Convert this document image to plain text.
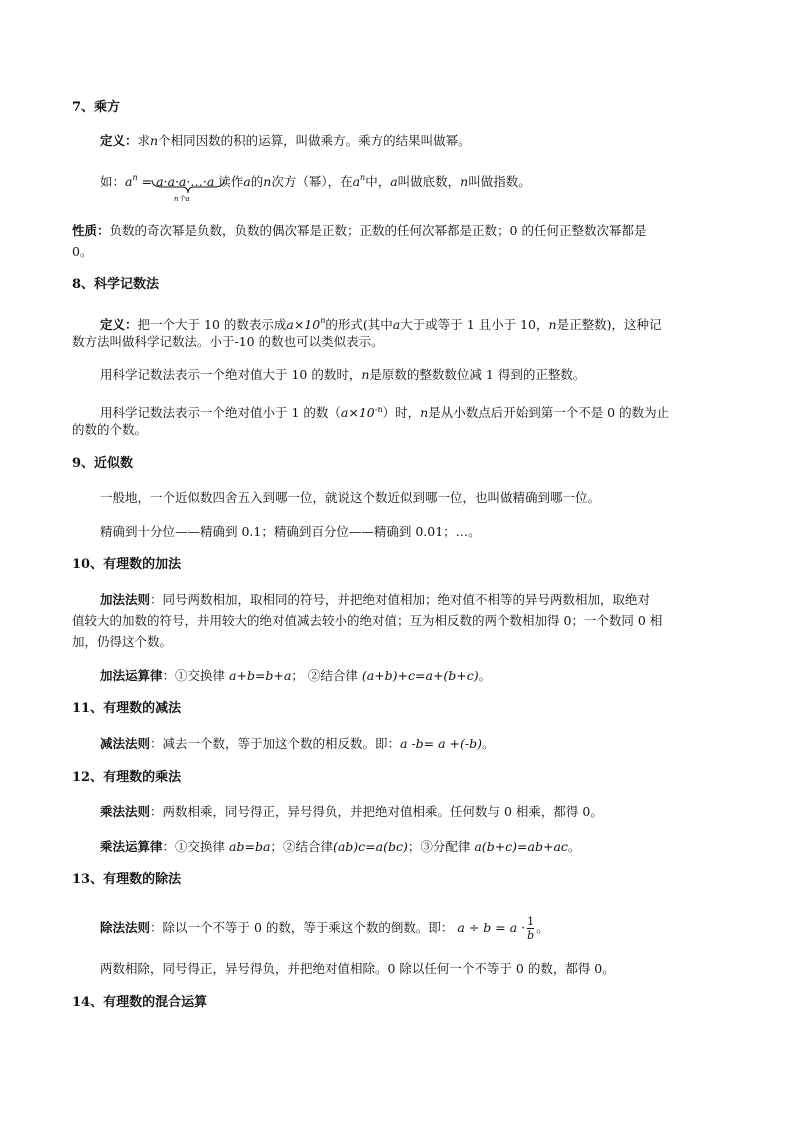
7、乘方
定义：求n个相同因数的积的运算，叫做乘方。乘方的结果叫做幂。
如：$a^n$ = a·a·a·…·a 读作a的n次方（幂），在$a^n$中，a叫做底数，n叫做指数。
n个a
性质：负数的奇次幂是负数，负数的偶次幂是正数；正数的任何次幂都是正数；0 的任何正整数次幂都是
0。
8、科学记数法
定义：把一个大于 10 的数表示成$a\times 10^n$的形式(其中a大于或等于 1 且小于 10，n是正整数)，这种记
数方法叫做科学记数法。小于-10 的数也可以类似表示。
用科学记数法表示一个绝对值大于 10 的数时，n是原数的整数数位减 1 得到的正整数。
用科学记数法表示一个绝对值小于 1 的数$(a\times 10^{-n})$时，n是从小数点后开始到第一个不是 0 的数为止
的数的个数。
9、近似数
一般地，一个近似数四舍五入到哪一位，就说这个数近似到哪一位，也叫做精确到哪一位。
精确到十分位——精确到 0.1；精确到百分位——精确到 0.01；…。
10、有理数的加法
加法法则：同号两数相加，取相同的符号，并把绝对值相加；绝对值不相等的异号两数相加，取绝对
值较大的加数的符号，并用较大的绝对值减去较小的绝对值；互为相反数的两个数相加得 0；一个数同 0 相
加，仍得这个数。
加法运算律：①交换律 a+b=b+a； ②结合律 (a+b)+c=a+(b+c)。
11、有理数的减法
减法法则：减去一个数，等于加这个数的相反数。即：a -b= a +(-b)。
12、有理数的乘法
乘法法则：两数相乘，同号得正，异号得负，并把绝对值相乘。任何数与 0 相乘，都得 0。
乘法运算律：①交换律 ab=ba；②结合律(ab)c=a(bc)；③分配律 a(b+c)=ab+ac。
13、有理数的除法
除法法则：除以一个不等于 0 的数，等于乘这个数的倒数。即： $a \div b = a \cdot \frac{1}{b}$ 。
两数相除，同号得正，异号得负，并把绝对值相除。0 除以任何一个不等于 0 的数，都得 0。
14、有理数的混合运算
